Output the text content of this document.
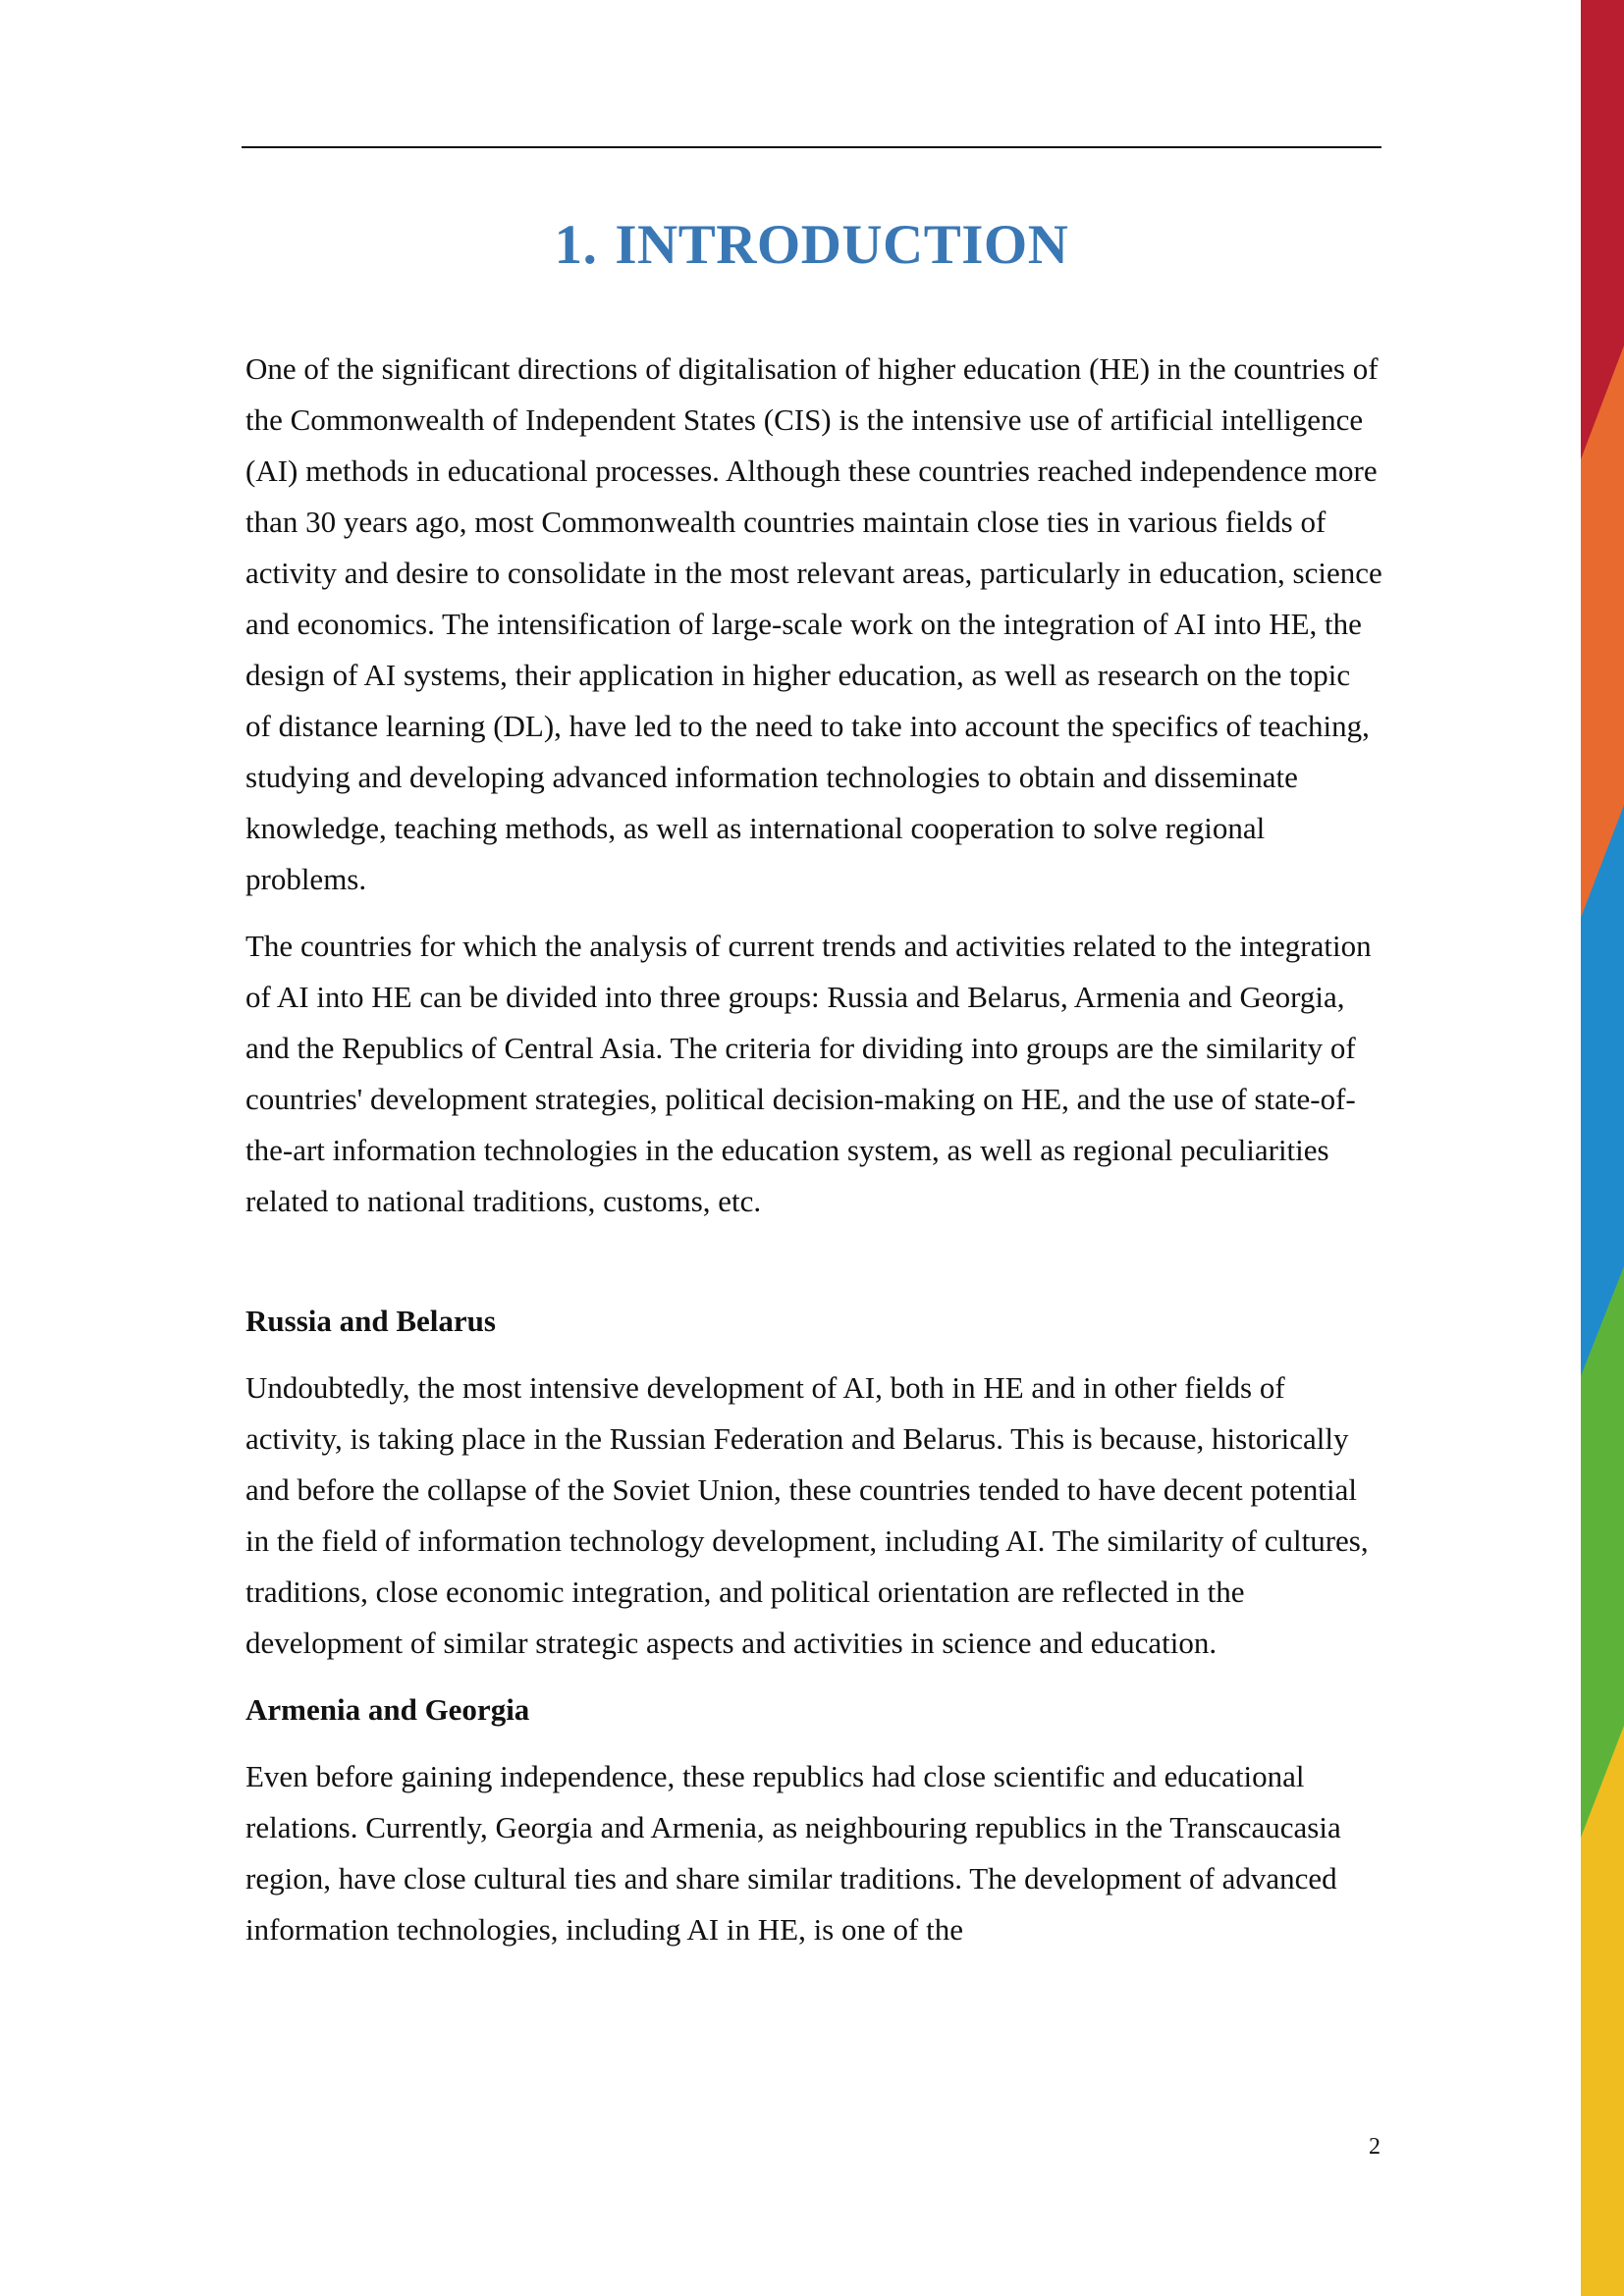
1. INTRODUCTION

One of the significant directions of digitalisation of higher education (HE) in the countries of the Commonwealth of Independent States (CIS) is the intensive use of artificial intelligence (AI) methods in educational processes. Although these countries reached independence more than 30 years ago, most Commonwealth countries maintain close ties in various fields of activity and desire to consolidate in the most relevant areas, particularly in education, science and economics. The intensification of large-scale work on the integration of AI into HE, the design of AI systems, their application in higher education, as well as research on the topic of distance learning (DL), have led to the need to take into account the specifics of teaching, studying and developing advanced information technologies to obtain and disseminate knowledge, teaching methods, as well as international cooperation to solve regional problems.

The countries for which the analysis of current trends and activities related to the integration of AI into HE can be divided into three groups: Russia and Belarus, Armenia and Georgia, and the Republics of Central Asia. The criteria for dividing into groups are the similarity of countries' development strategies, political decision-making on HE, and the use of state-of-the-art information technologies in the education system, as well as regional peculiarities related to national traditions, customs, etc.

Russia and Belarus

Undoubtedly, the most intensive development of AI, both in HE and in other fields of activity, is taking place in the Russian Federation and Belarus. This is because, historically and before the collapse of the Soviet Union, these countries tended to have decent potential in the field of information technology development, including AI. The similarity of cultures, traditions, close economic integration, and political orientation are reflected in the development of similar strategic aspects and activities in science and education.

Armenia and Georgia

Even before gaining independence, these republics had close scientific and educational relations. Currently, Georgia and Armenia, as neighbouring republics in the Transcaucasia region, have close cultural ties and share similar traditions. The development of advanced information technologies, including AI in HE, is one of the

2
